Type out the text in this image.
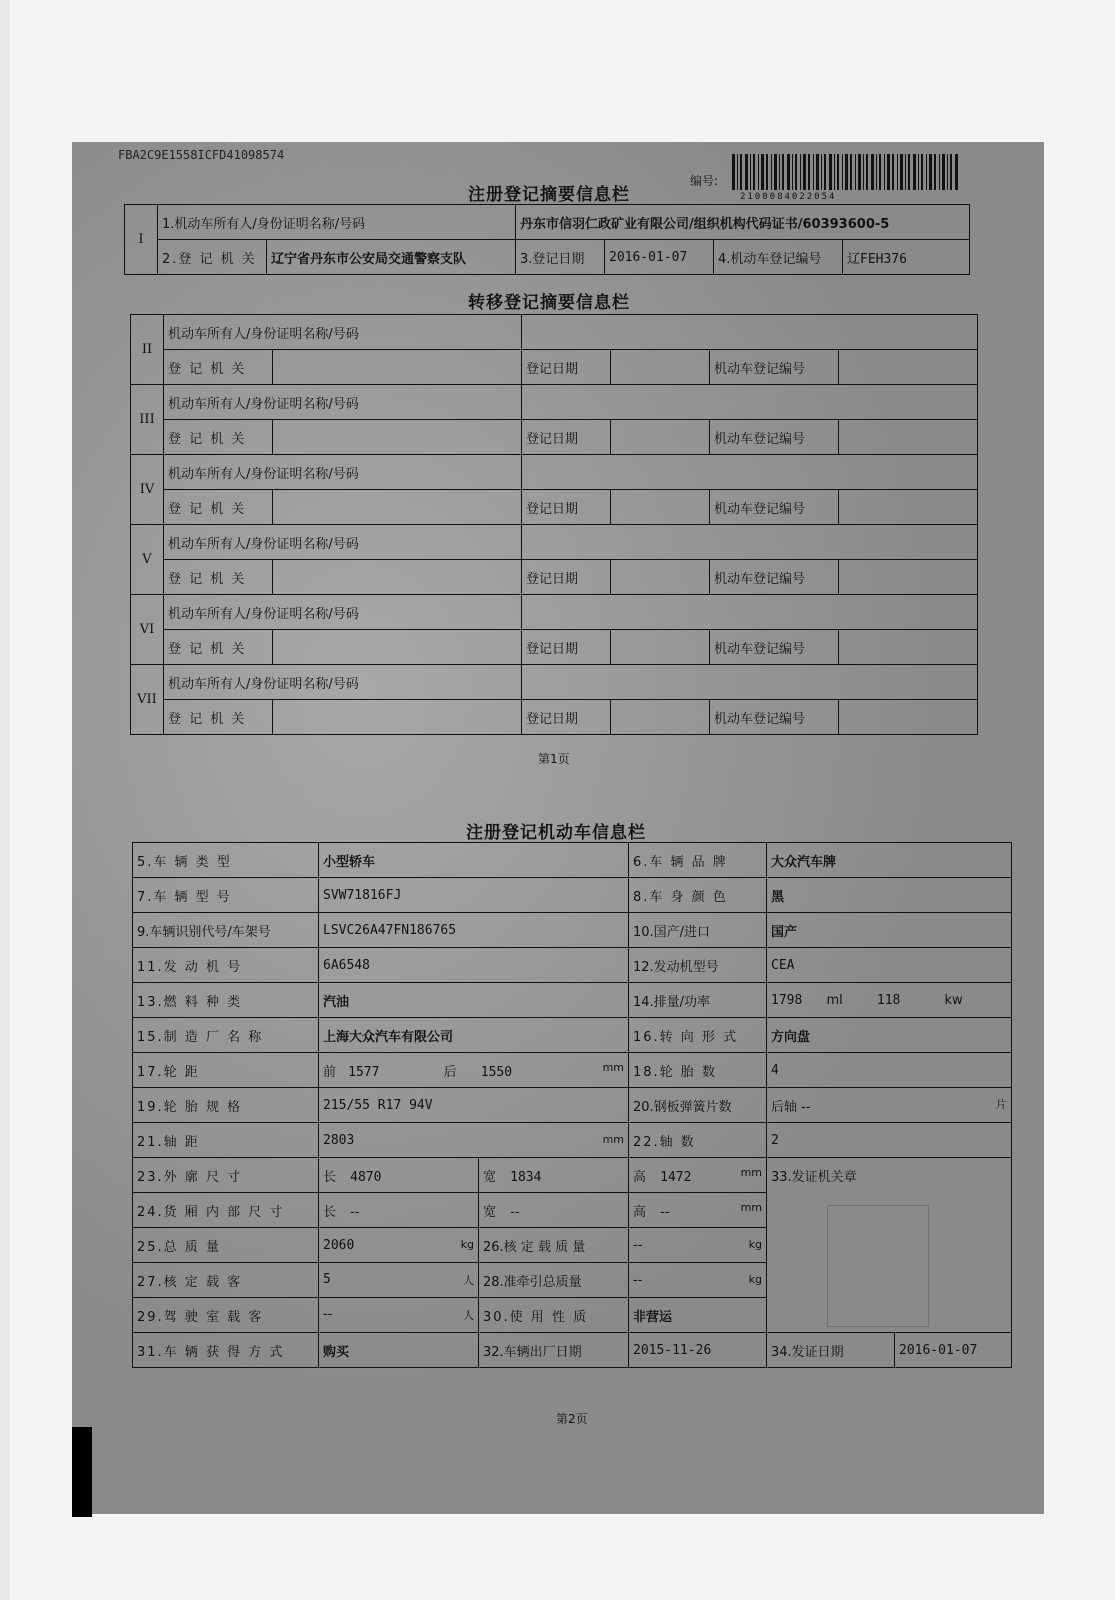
FBA2C9E1558ICFD41098574
编号:
2100084022054
注册登记摘要信息栏
I	1.机动车所有人/身份证明名称/号码		丹东市信羽仁政矿业有限公司/组织机构代码证书/60393600-5			
	2.登 记 机 关	辽宁省丹东市公安局交通警察支队	3.登记日期	2016-01-07	4.机动车登记编号	辽FEH376
转移登记摘要信息栏
II	机动车所有人/身份证明名称/号码					
	登 记 机 关		登记日期		机动车登记编号	
III	机动车所有人/身份证明名称/号码					
	登 记 机 关		登记日期		机动车登记编号	
IV	机动车所有人/身份证明名称/号码					
	登 记 机 关		登记日期		机动车登记编号	
V	机动车所有人/身份证明名称/号码					
	登 记 机 关		登记日期		机动车登记编号	
VI	机动车所有人/身份证明名称/号码					
	登 记 机 关		登记日期		机动车登记编号	
VII	机动车所有人/身份证明名称/号码					
	登 记 机 关		登记日期		机动车登记编号	
第1页
注册登记机动车信息栏
5.车 辆 类 型	小型轿车		6.车 辆 品 牌	大众汽车牌	
7.车 辆 型 号	SVW71816FJ		8.车 身 颜 色	黑	
9.车辆识别代号/车架号	LSVC26A47FN186765		10.国产/进口	国产	
11.发 动 机 号	6A6548		12.发动机型号	CEA	
13.燃 料 种 类	汽油		14.排量/功率	1798 ml 118 kw	
15.制 造 厂 名 称	上海大众汽车有限公司		16.转 向 形 式	方向盘	
17.轮 距	前 1577 后 1550 mm		18.轮 胎 数	4	
19.轮 胎 规 格	215/55 R17 94V		20.钢板弹簧片数	后轴 -- 片	

21.轴 距	2803 mm		22.轴 数	2	
23.外 廓 尺 寸	长 4870	宽 1834	高 1472 mm	33.发证机关章	
24.货 厢 内 部 尺 寸	长 --	宽 --	高 -- mm		

25.总 质 量	2060 kg	26.核 定 载 质 量	-- kg		

27.核 定 载 客	5 人	28.准牵引总质量	-- kg		

29.驾 驶 室 载 客	-- 人	30.使 用 性 质	非营运		
31.车 辆 获 得 方 式	购买	32.车辆出厂日期	2015-11-26	34.发证日期	2016-01-07
第2页
